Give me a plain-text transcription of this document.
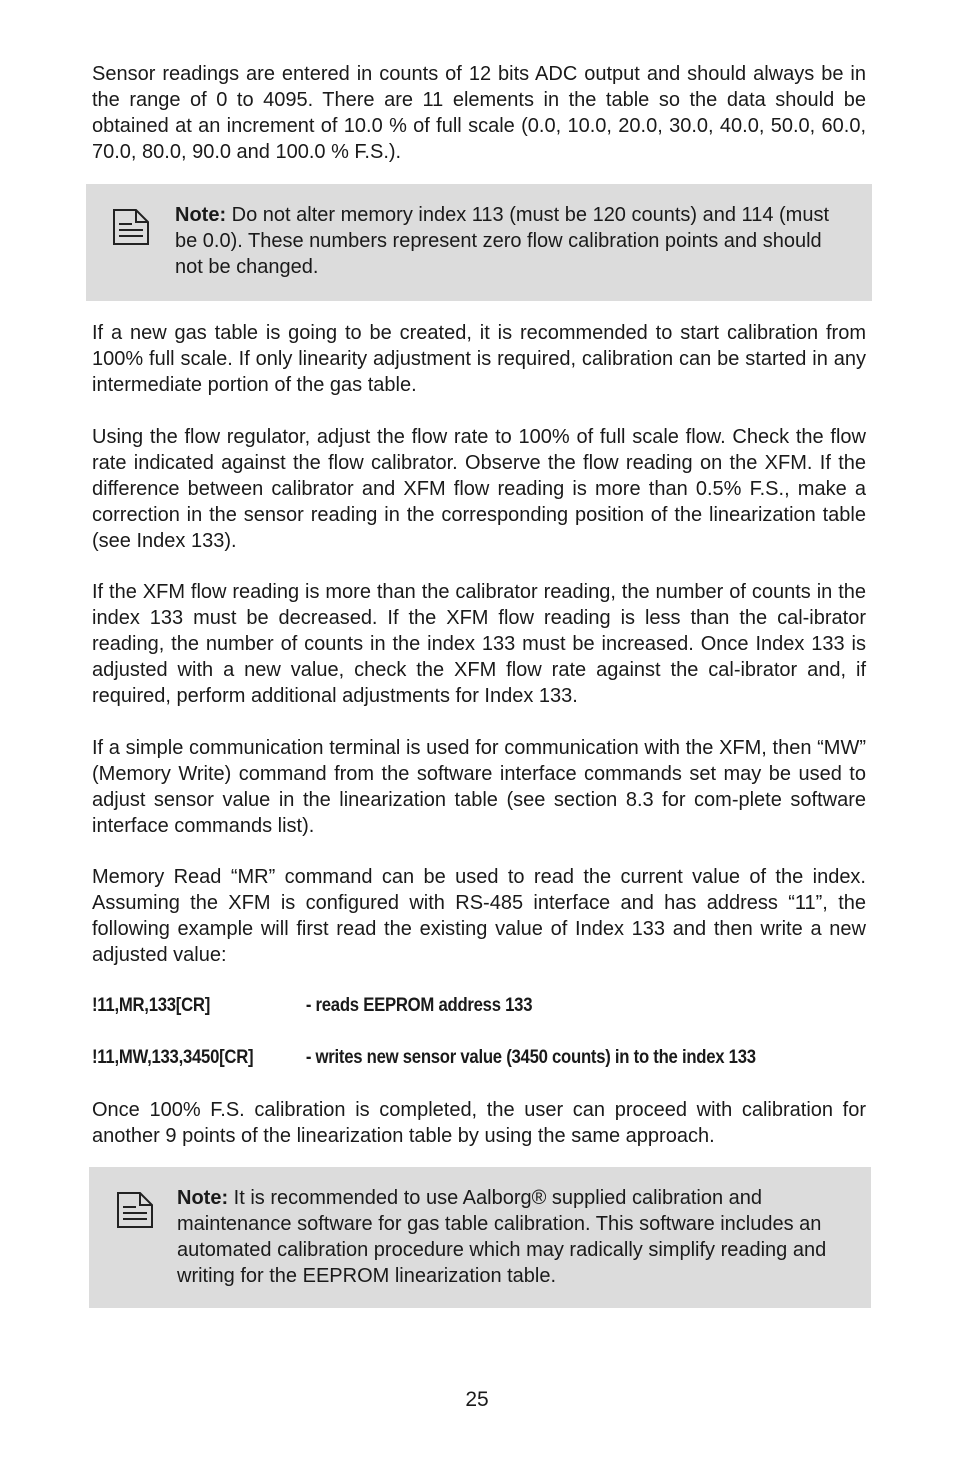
Sensor readings are entered in counts of 12 bits ADC output and should always be in the range of 0 to 4095. There are 11 elements in the table so the data should be obtained at an increment of 10.0 % of full scale (0.0, 10.0, 20.0, 30.0, 40.0, 50.0, 60.0, 70.0, 80.0, 90.0 and 100.0 % F.S.).

Note: Do not alter memory index 113 (must be 120 counts) and 114 (must be 0.0). These numbers represent zero flow calibration points and should not be changed.

If a new gas table is going to be created, it is recommended to start calibration from 100% full scale. If only linearity adjustment is required, calibration can be started in any intermediate portion of the gas table.

Using the flow regulator, adjust the flow rate to 100% of full scale flow. Check the flow rate indicated against the flow calibrator. Observe the flow reading on the XFM. If the difference between calibrator and XFM flow reading is more than 0.5% F.S., make a correction in the sensor reading in the corresponding position of the linearization table (see Index 133).

If the XFM flow reading is more than the calibrator reading, the number of counts in the index 133 must be decreased. If the XFM flow reading is less than the cal-ibrator reading, the number of counts in the index 133 must be increased. Once Index 133 is adjusted with a new value, check the XFM flow rate against the cal-ibrator and, if required, perform additional adjustments for Index 133.

If a simple communication terminal is used for communication with the XFM, then “MW” (Memory Write) command from the software interface commands set may be used to adjust sensor value in the linearization table (see section 8.3 for com-plete software interface commands list).

Memory Read “MR” command can be used to read the current value of the index. Assuming the XFM is configured with RS-485 interface and has address “11”, the following example will first read the existing value of Index 133 and then write a new adjusted value:

!11,MR,133[CR]	- reads EEPROM address 133
!11,MW,133,3450[CR]	- writes new sensor value (3450 counts) in to the index 133

Once 100% F.S. calibration is completed, the user can proceed with calibration for another 9 points of the linearization table by using the same approach.

Note: It is recommended to use Aalborg® supplied calibration and maintenance software for gas table calibration. This software includes an automated calibration procedure which may radically simplify reading and writing for the EEPROM linearization table.

25
